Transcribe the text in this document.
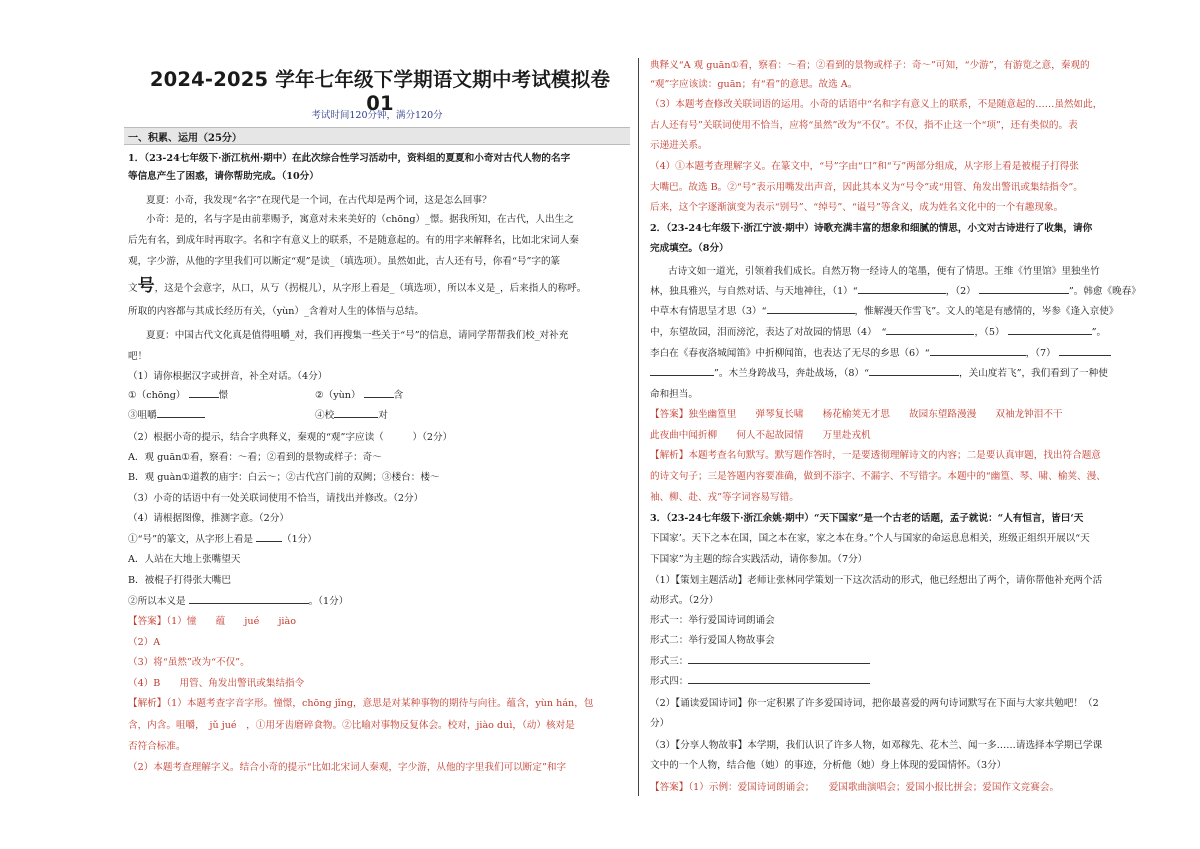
2024-2025 学年七年级下学期语文期中考试模拟卷 01
考试时间120分钟，满分120分
一、积累、运用（25分）
1．（23-24七年级下·浙江杭州·期中）在此次综合性学习活动中，资料组的夏夏和小奇对古代人物的名字
等信息产生了困惑，请你帮助完成。（10分）
夏夏：小奇，我发现“名字”在现代是一个词，在古代却是两个词，这是怎么回事？
小奇：是的，名与字是由前辈赐予，寓意对未来美好的（chōng）_憬。据我所知，在古代，人出生之
后先有名，到成年时再取字。名和字有意义上的联系，不是随意起的。有的用字来解释名，比如北宋词人秦
观，字少游，从他的字里我们可以断定“观”是读_（填选项）。虽然如此，古人还有号，你看“号”字的篆
文号，这是个会意字，从口，从丂（拐棍儿），从字形上看是_（填选项），所以本义是_，后来指人的称呼。
所取的内容都与其成长经历有关，（yùn）_含着对人生的体悟与总结。
夏夏：中国古代文化真是值得咀嚼_对，我们再搜集一些关于“号”的信息，请同学帮帮我们校_对补充
吧！
（1）请你根据汉字或拼音，补全对话。（4分）
①（chōng）	憬	②（yùn）	含
③咀嚼	④校	对
（2）根据小奇的提示，结合字典释义，秦观的“观”字应读（　　　）（2分）
A．观 guān①看，察看：～看；②看到的景物或样子：奇～
B．观 guàn①道教的庙宇：白云～；②古代宫门前的双阙；③楼台：楼～
（3）小奇的话语中有一处关联词使用不恰当，请找出并修改。（2分）
（4）请根据图像，推测字意。（2分）
①“号”的篆文，从字形上看是	（1分）
A．人站在大地上张嘴望天
B．被棍子打得张大嘴巴
②所以本义是	。（1分）
【答案】（1）憧　　蕴　　jué　　jiào
（2）A
（3）将“虽然”改为“不仅”。
（4）B　　用管、角发出警讯或集结指令
【解析】（1）本题考查字音字形。憧憬，chōng jǐng，意思是对某种事物的期待与向往。蕴含，yùn hán，包
含，内含。咀嚼，　jǔ jué　，①用牙齿磨碎食物。②比喻对事物反复体会。校对，jiào duì，（动）核对是
否符合标准。
（2）本题考查理解字义。结合小奇的提示“比如北宋词人秦观，字少游，从他的字里我们可以断定”和字
典释义“A 观 guān①看，察看：～看；②看到的景物或样子：奇～”可知，“少游”，有游览之意，秦观的
“观”字应该读：guān；有“看”的意思。故选 A。
（3）本题考查修改关联词语的运用。小奇的话语中“名和字有意义上的联系，不是随意起的……虽然如此，
古人还有号”关联词使用不恰当，应将“虽然”改为“不仅”。不仅，指不止这一个“项”，还有类似的。表
示递进关系。
（4）①本题考查理解字义。在篆文中，“号”字由“口”和“丂”两部分组成，从字形上看是被棍子打得张
大嘴巴。故选 B。②“号”表示用嘴发出声音，因此其本义为“号令”或“用管、角发出警讯或集结指令”。
后来，这个字逐渐演变为表示“别号”、“绰号”、“谥号”等含义，成为姓名文化中的一个有趣现象。
2．（23-24七年级下·浙江宁波·期中）诗歌充满丰富的想象和细腻的情思，小文对古诗进行了收集，请你
完成填空。（8分）
古诗文如一道光，引领着我们成长。自然万物一经诗人的笔墨，便有了情思。王维《竹里馆》里独坐竹
林，独具雅兴，与自然对话、与天地神往，（1）“	，（2）	”。韩愈《晚春》
中草木有情思呈才思（3）“	，惟解漫天作雪飞”。文人的笔是有感情的，岑参《逢入京使》
中，东望故园，泪而滂沱，表达了对故园的情思（4）　“	，（5）	”。
李白在《春夜洛城闻笛》中折柳闻笛，也表达了无尽的乡思（6）“	，（7）
”。木兰身跨战马，奔赴战场，（8）“	，关山度若飞”，我们看到了一种使
命和担当。
【答案】独坐幽篁里　　弹琴复长啸　　杨花榆荚无才思　　故园东望路漫漫　　双袖龙钟泪不干
此夜曲中闻折柳　　何人不起故园情　　万里赴戎机
【解析】本题考查名句默写。默写题作答时，一是要透彻理解诗文的内容；二是要认真审题，找出符合题意
的诗文句子；三是答题内容要准确，做到不添字、不漏字、不写错字。本题中的“幽篁、琴、啸、榆荚、漫、
袖、柳、赴、戎”等字词容易写错。
3．（23-24七年级下·浙江余姚·期中）“天下国家”是一个古老的话题，孟子就说：“人有恒言，皆曰‘天
下国家’。天下之本在国，国之本在家，家之本在身。”个人与国家的命运息息相关，班级正组织开展以“天
下国家”为主题的综合实践活动，请你参加。（7分）
（1）【策划主题活动】老师让张林同学策划一下这次活动的形式，他已经想出了两个，请你帮他补充两个活
动形式。（2分）
形式一：举行爱国诗词朗诵会
形式二：举行爱国人物故事会
形式三：
形式四：
（2）【诵读爱国诗词】你一定积累了许多爱国诗词，把你最喜爱的两句诗词默写在下面与大家共勉吧！（2
分）
（3）【分享人物故事】本学期，我们认识了许多人物，如邓稼先、花木兰、闻一多……请选择本学期已学课
文中的一个人物，结合他（她）的事迹，分析他（她）身上体现的爱国情怀。（3分）
【答案】（1）示例：爱国诗词朗诵会；　　爱国歌曲演唱会；爱国小报比拼会；爱国作文竞赛会。
